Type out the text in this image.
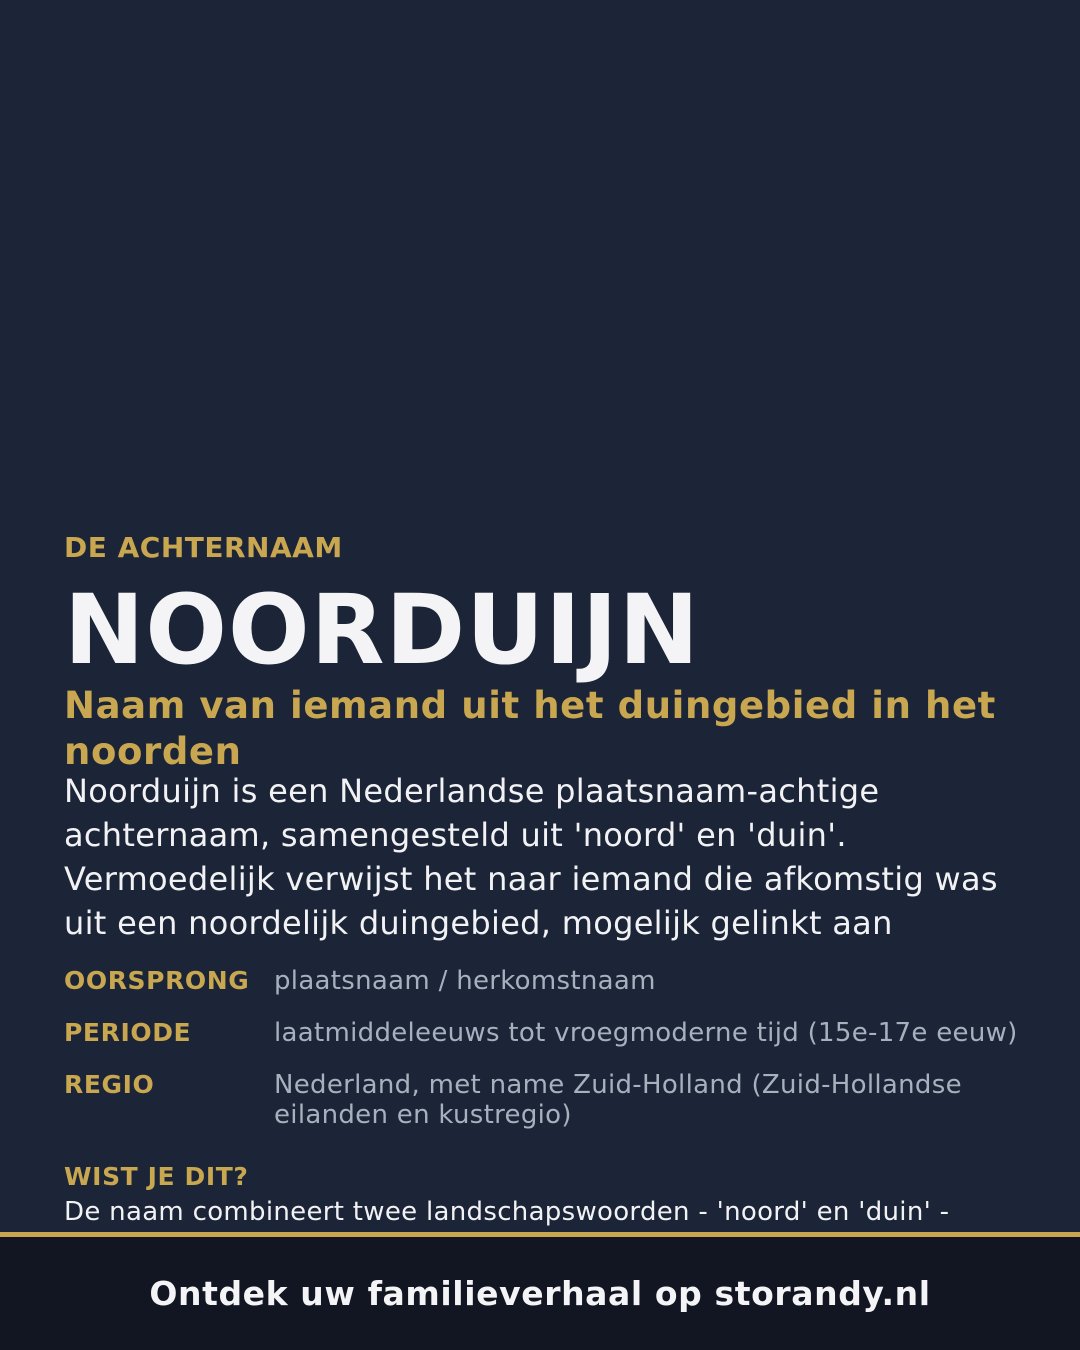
DE ACHTERNAAM
NOORDUIJN
Naam van iemand uit het duingebied in het noorden
Noorduijn is een Nederlandse plaatsnaam-achtige achternaam, samengesteld uit 'noord' en 'duin'. Vermoedelijk verwijst het naar iemand die afkomstig was uit een noordelijk duingebied, mogelijk gelinkt aan
OORSPRONG plaatsnaam / herkomstnaam
PERIODE	laatmiddeleeuws tot vroegmoderne tijd (15e-17e eeuw)
REGIO	Nederland, met name Zuid-Holland (Zuid-Hollandse eilanden en kustregio)
WIST JE DIT?
De naam combineert twee landschapswoorden - 'noord' en 'duin' -
Ontdek uw familieverhaal op storandy.nl
